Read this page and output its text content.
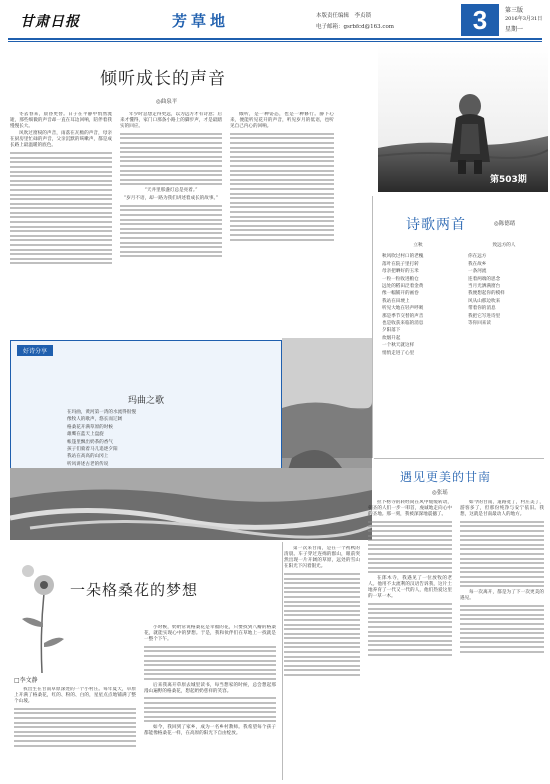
甘肃日报	芳草地	本版责任编辑　李贞锁
电子邮箱：gsrbfcd@163.com	3	第三版
2016年3月31日
星期一
倾听成长的声音
◎曲泉平

冬去春来，晨昏更替。日子在平静中悄然流逝，那些细微的声音却一直在耳边回响，陪伴着我慢慢长大。

风吹过窗棂的声音，雨落在瓦檐的声音，母亲在厨房里忙碌的声音，父亲沉默的咳嗽声，都是成长路上最温暖的底色。

年少时总想走得更远，以为远方才有诗意；后来才懂得，家门口那条小路上的脚步声，才是最踏实的回应。

“天井里那盏灯总是亮着。”
“岁月不语，却一路为我们讲述着成长的故事。”

倾听，是一种姿态，也是一种修行。静下心来，便能听见花开的声音，听见岁月的低语，也听见自己内心的回响。

第503期
诗歌两首	◎陈德绪
立秋
秋风吹过村口的老槐
落叶在院子里打转
母亲把晒好的玉米
一粒一粒收进粮仓
远处的稻田泛着金黄
像一幅铺开的画卷
我站在田埂上
听见大地在轻声呼吸
那是季节交替的声音
也是收获来临的消息
夕阳落下
炊烟升起
一个秋天就这样
悄悄走进了心里
致远方的人
你在远方
我在故乡
一条河流
连着两端的思念
当月光洒满窗台
我便想起你的模样
风从山那边吹来
带着你的消息
我把它写进诗里
等你回来读
好诗分享
玛曲之歌
在玛曲，黄河第一湾的水流得很慢
像牧人的歌声，悠长而辽阔
格桑花开满草原的时候
雄鹰在蓝天上盘旋
帐篷里飘出奶茶的香气
孩子们骑着马儿追逐夕阳
我站在高高的山冈上
听风讲述古老的传说
一朵格桑花的梦想
□李文静

我出生在甘南草原深处的一个小村庄。每年夏天，草原上开满了格桑花，红的、粉的、白的，星星点点地铺满了整个山坡。

小时候，奶奶常说格桑花是幸福的花，只要找到八瓣的格桑花，就能实现心中的梦想。于是，我和伙伴们在草地上一找就是一整个下午。

后来我离开草原去城里读书，每当想家的时候，总会想起那漫山遍野的格桑花，想起奶奶慈祥的笑容。

如今，我回到了家乡，成为一名乡村教师。我希望每个孩子都能像格桑花一样，在高原的阳光下自由绽放。

遇见更美的甘南
◎张瑶

第一次来甘南，是在一个初秋的清晨。车子穿过连绵的群山，眼前突然出现一片开阔的草原，远处的雪山在阳光下闪着银光。

拉卜楞寺的转经筒在风中缓缓转动，朝圣的人们一步一叩首，虔诚地走向心中的圣地。那一刻，我被深深地震撼了。

在郎木寺，我遇见了一位放牧的老人。他用不太流利的汉语告诉我，这片土地养育了一代又一代的人，他们热爱这里的一草一木。

如今的甘南，道路宽了，村庄美了，游客多了，但那份纯净与安宁依旧。我想，这就是甘南最动人的地方。

每一次离开，都是为了下一次更美的遇见。
